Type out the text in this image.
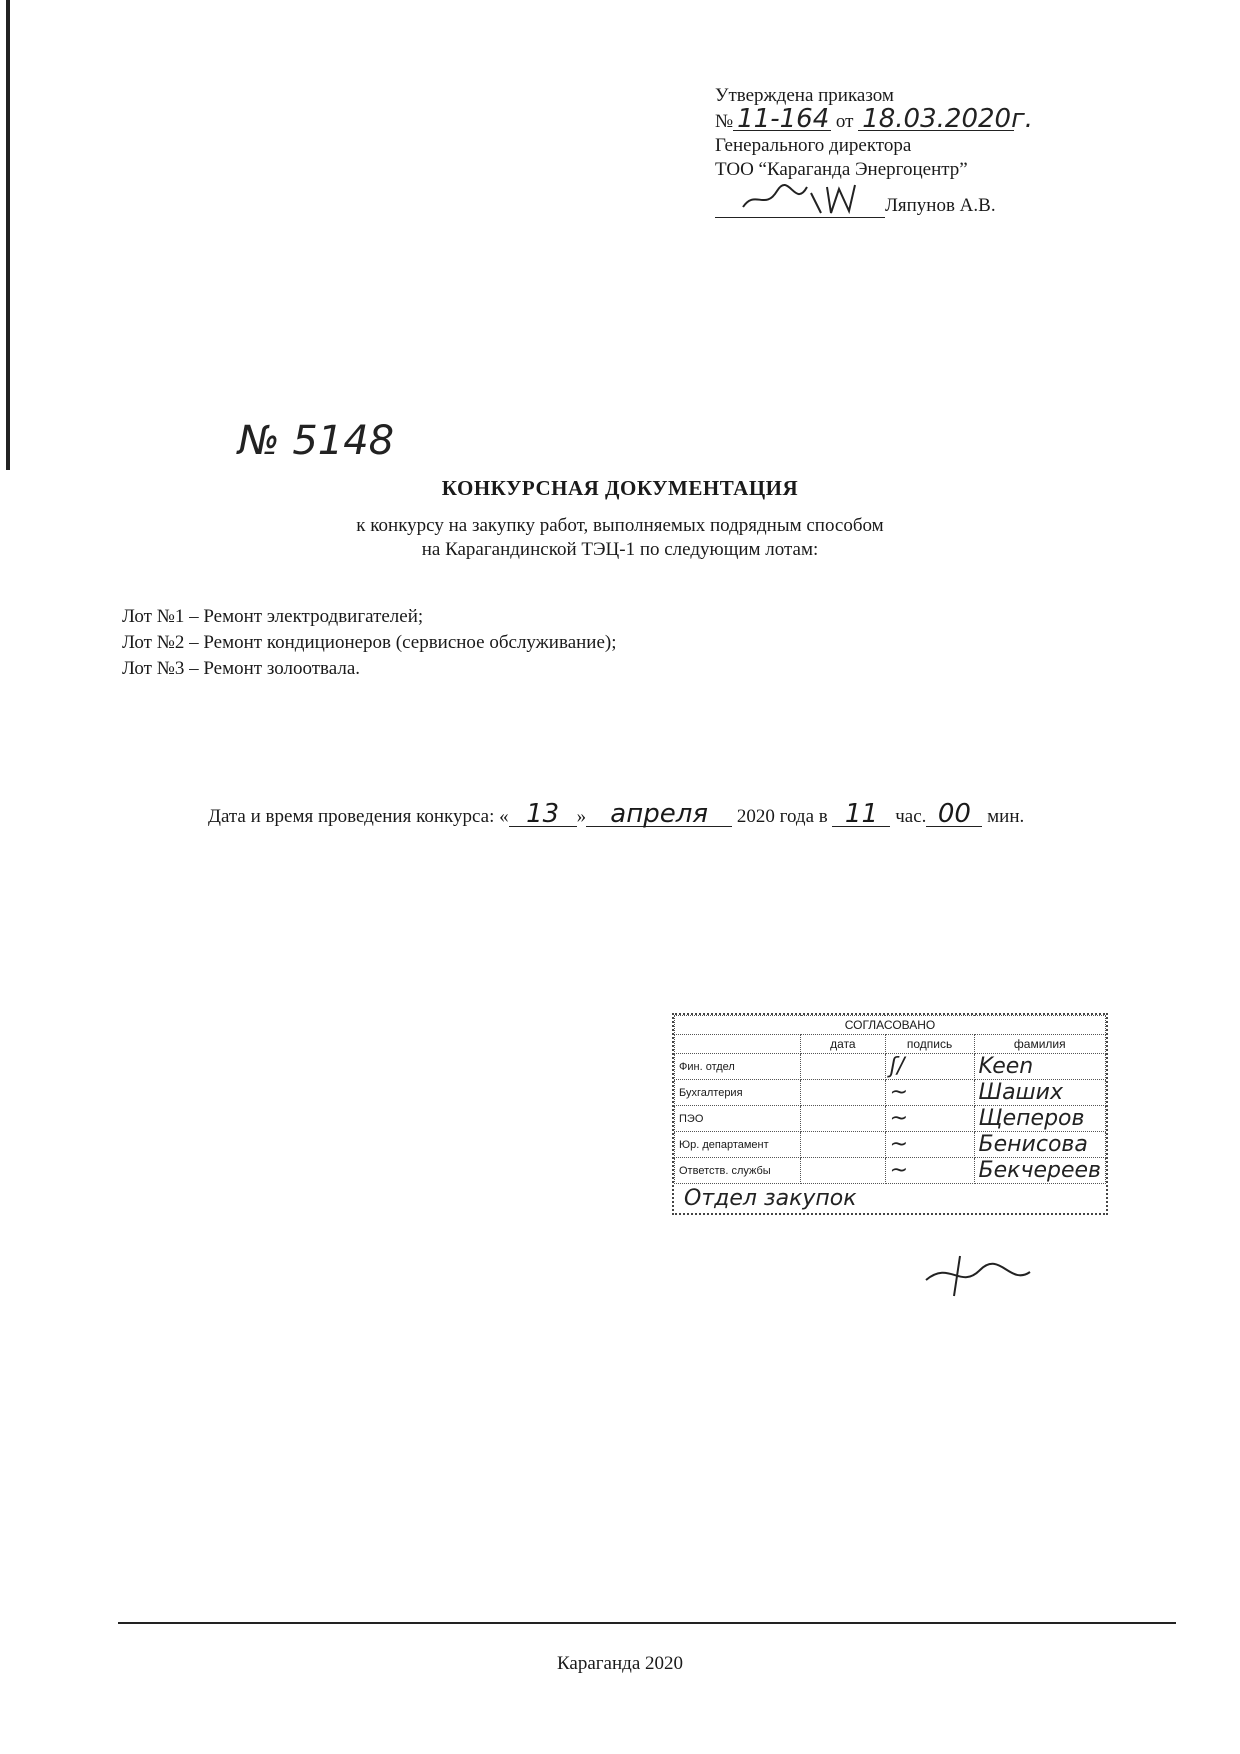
Утверждена приказом
№ 11-164 от 18.03.2020г.
Генерального директора
ТОО “Караганда Энергоцентр”
Ляпунов А.В.
№ 5148
КОНКУРСНАЯ ДОКУМЕНТАЦИЯ
к конкурсу на закупку работ, выполняемых подрядным способом
на Карагандинской ТЭЦ-1 по следующим лотам:
Лот №1 – Ремонт электродвигателей;
Лот №2 – Ремонт кондиционеров (сервисное обслуживание);
Лот №3 – Ремонт золоотвала.
Дата и время проведения конкурса: « 13 » апреля 2020 года в 11 час. 00 мин.
СОГЛАСОВАНО			
	дата	подпись	фамилия
Фин. отдел		ʃ/	Keen
Бухгалтерия		~	Шаших
ПЭО		~	Щеперов
Юр. департамент		~	Бенисова
Ответств. службы		~	Бекчереев
Отдел закупок
Караганда 2020
